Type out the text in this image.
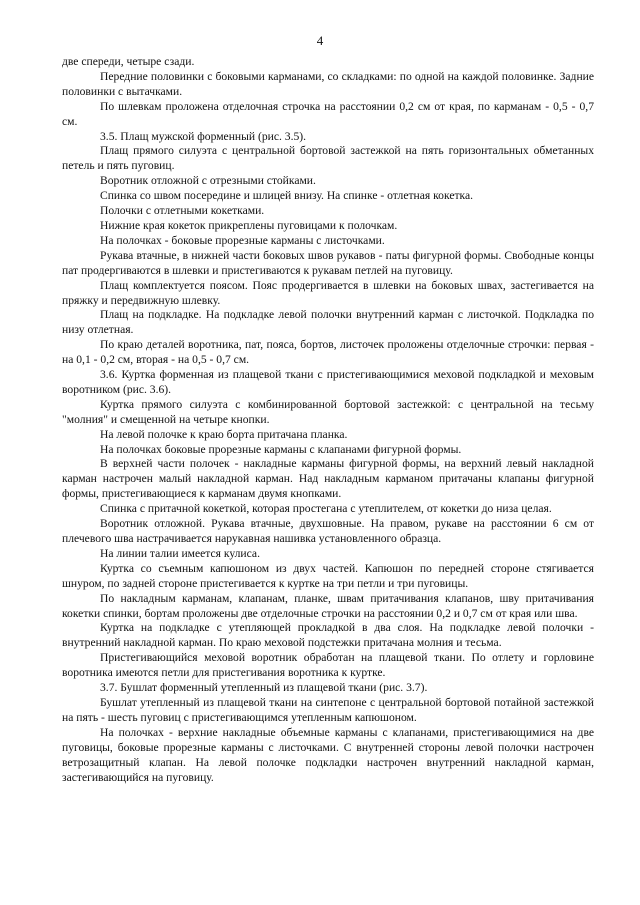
4

две спереди, четыре сзади.

Передние половинки с боковыми карманами, со складками: по одной на каждой половинке. Задние половинки с вытачками.

По шлевкам проложена отделочная строчка на расстоянии 0,2 см от края, по карманам - 0,5 - 0,7 см.

3.5. Плащ мужской форменный (рис. 3.5).

Плащ прямого силуэта с центральной бортовой застежкой на пять горизонтальных обметанных петель и пять пуговиц.

Воротник отложной с отрезными стойками.

Спинка со швом посередине и шлицей внизу. На спинке - отлетная кокетка.

Полочки с отлетными кокетками.

Нижние края кокеток прикреплены пуговицами к полочкам.

На полочках - боковые прорезные карманы с листочками.

Рукава втачные, в нижней части боковых швов рукавов - паты фигурной формы. Свободные концы пат продергиваются в шлевки и пристегиваются к рукавам петлей на пуговицу.

Плащ комплектуется поясом. Пояс продергивается в шлевки на боковых швах, застегивается на пряжку и передвижную шлевку.

Плащ на подкладке. На подкладке левой полочки внутренний карман с листочкой. Подкладка по низу отлетная.

По краю деталей воротника, пат, пояса, бортов, листочек проложены отделочные строчки: первая - на 0,1 - 0,2 см, вторая - на 0,5 - 0,7 см.

3.6. Куртка форменная из плащевой ткани с пристегивающимися меховой подкладкой и меховым воротником (рис. 3.6).

Куртка прямого силуэта с комбинированной бортовой застежкой: с центральной на тесьму "молния" и смещенной на четыре кнопки.

На левой полочке к краю борта притачана планка.

На полочках боковые прорезные карманы с клапанами фигурной формы.

В верхней части полочек - накладные карманы фигурной формы, на верхний левый накладной карман настрочен малый накладной карман. Над накладным карманом притачаны клапаны фигурной формы, пристегивающиеся к карманам двумя кнопками.

Спинка с притачной кокеткой, которая простегана с утеплителем, от кокетки до низа целая.

Воротник отложной. Рукава втачные, двухшовные. На правом, рукаве на расстоянии 6 см от плечевого шва настрачивается нарукавная нашивка установленного образца.

На линии талии имеется кулиса.

Куртка со съемным капюшоном из двух частей. Капюшон по передней стороне стягивается шнуром, по задней стороне пристегивается к куртке на три петли и три пуговицы.

По накладным карманам, клапанам, планке, швам притачивания клапанов, шву притачивания кокетки спинки, бортам проложены две отделочные строчки на расстоянии 0,2 и 0,7 см от края или шва.

Куртка на подкладке с утепляющей прокладкой в два слоя. На подкладке левой полочки - внутренний накладной карман. По краю меховой подстежки притачана молния и тесьма.

Пристегивающийся меховой воротник обработан на плащевой ткани. По отлету и горловине воротника имеются петли для пристегивания воротника к куртке.

3.7. Бушлат форменный утепленный из плащевой ткани (рис. 3.7).

Бушлат утепленный из плащевой ткани на синтепоне с центральной бортовой потайной застежкой на пять - шесть пуговиц с пристегивающимся утепленным капюшоном.

На полочках - верхние накладные объемные карманы с клапанами, пристегивающимися на две пуговицы, боковые прорезные карманы с листочками. С внутренней стороны левой полочки настрочен ветрозащитный клапан. На левой полочке подкладки настрочен внутренний накладной карман, застегивающийся на пуговицу.
